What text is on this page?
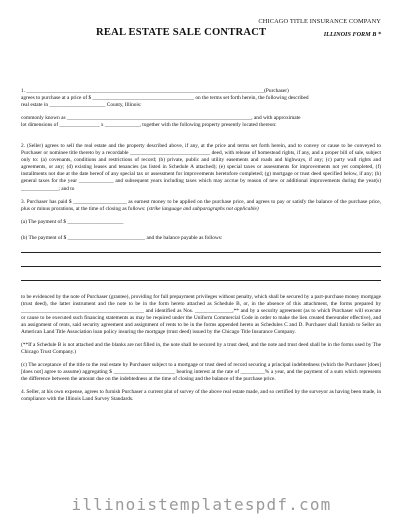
CHICAGO TITLE INSURANCE COMPANY
REAL ESTATE SALE CONTRACT	ILLINOIS FORM B *

1. _________________________________________________________________________________________(Purchaser)

agrees to purchase at a price of $ ______________________________________ on the terms set forth herein, the following described

real estate in _____________________ County, Illinois:

commonly known as _____________________________________________________________________, and with approximate

lot dimensions of _______________ x _____________, together with the following property presently located thereon:

2. (Seller) agrees to sell the real estate and the property described above, if any, at the price and terms set forth herein, and to convey or cause to be conveyed to Purchaser or nominee title thereto by a recordable ______________________________ deed, with release of homestead rights, if any, and a proper bill of sale, subject only to: (a) covenants, conditions and restrictions of record; (b) private, public and utility easements and roads and highways, if any; (c) party wall rights and agreements, or any; (d) existing leases and tenancies (as listed in Schedule A attached); (e) special taxes or assessments for improvements not yet completed, (f) installments not due at the date hereof of any special tax or assessment for improvements heretofore completed; (g) mortgage or trust deed specified below, if any; (h) general taxes for the year _____________ and subsequent years including taxes which may accrue by reason of new or additional improvements during the year(s) ______________; and to

3. Purchaser has paid $ ____________________ as earnest money to be applied on the purchase price, and agrees to pay or satisfy the balance of the purchase price, plus or minus prorations, at the time of closing as follows: (strike language and subparagraphs not applicable)

(a) The payment of $ _____________________

(b) The payment of $ _____________________________ and the balance payable as follows:

to be evidenced by the note of Purchaser (grantee), providing for full prepayment privileges without penalty, which shall be secured by a part-purchase money mortgage (trust deed), the latter instrument and the note to be in the form hereto attached as Schedule B, or, in the absence of this attachment, the forms prepared by ______________________________________________ and identified as Nos. ______________,** and by a security agreement (as to which Purchaser will execute or cause to be executed such financing statements as may be required under the Uniform Commercial Code in order to make the lien created thereunder effective), and an assignment of rents, said security agreement and assignment of rents to be in the forms appended hereto as Schedules C and D. Purchaser shall furnish to Seller an American Land Title Association loan policy insuring the mortgage (trust deed) issued by the Chicago Title Insurance Company.

(**If a Schedule B is not attached and the blanks are not filled in, the note shall be secured by a trust deed, and the note and trust deed shall be in the forms used by The Chicago Trust Company.)

(c) The acceptance of the title to the real estate by Purchaser subject to a mortgage or trust deed of record securing a principal indebtedness (which the Purchaser [does] [does not] agree to assume) aggregating $ _______________________ bearing interest at the rate of _________% a year, and the payment of a sum which represents the difference between the amount due on the indebtedness at the time of closing and the balance of the purchase price.

4. Seller, at his own expense, agrees to furnish Purchaser a current plat of survey of the above real estate made, and so certified by the surveyor as having been made, in compliance with the Illinois Land Survey Standards.

illinoistemplatespdf.com
